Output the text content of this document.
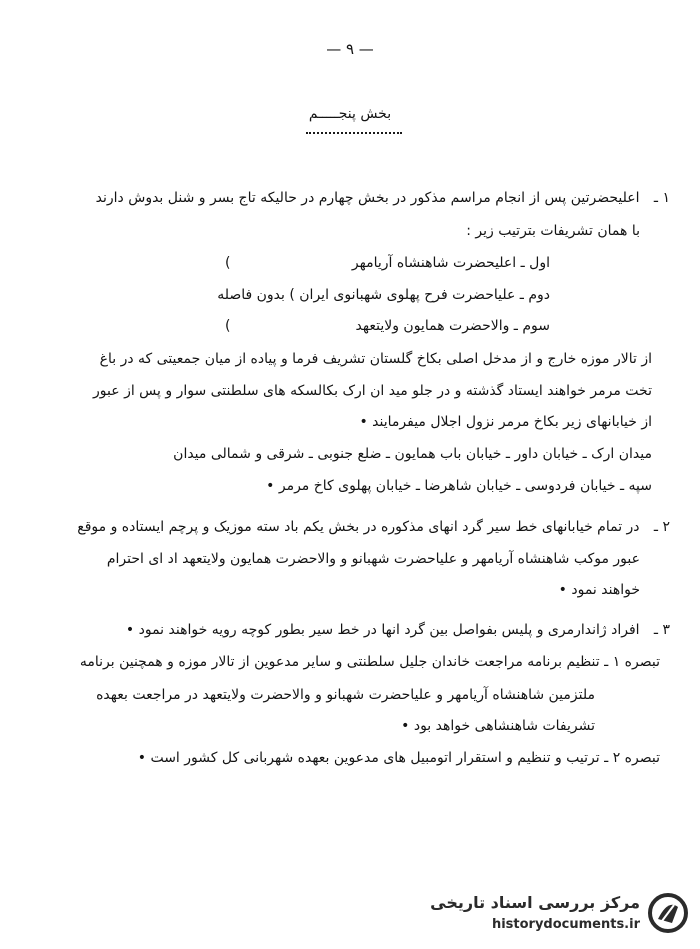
— ۹ —
بخش پنجـــــم
۱ ـ اعلیحضرتین پس از انجام مراسم مذکور در بخش چهارم در حالیکه تاج بسر و شنل بدوش دارند
با همان تشریفات بترتیب زیر :
اول ـ اعلیحضرت شاهنشاه آریامهر
)
دوم ـ علیاحضرت فرح پهلوی شهبانوی ایران ) بدون فاصله
سوم ـ والاحضرت همایون ولایتعهد
)
از تالار موزه خارج و از مدخل اصلی بکاخ گلستان تشریف فرما و پیاده از میان جمعیتی که در باغ
تخت مرمر خواهند ایستاد گذشته و در جلو مید ان ارک بکالسکه های سلطنتی سوار و پس از عبور
از خیابانهای زیر بکاخ مرمر نزول اجلال میفرمایند •
میدان ارک ـ خیابان داور ـ خیابان باب همایون ـ ضلع جنوبی ـ شرقی و شمالی میدان
سپه ـ خیابان فردوسی ـ خیابان شاهرضا ـ خیابان پهلوی کاخ مرمر •
۲ ـ در تمام خیابانهای خط سیر گرد انهای مذکوره در بخش یکم باد سته موزیک و پرچم ایستاده و موقع
عبور موکب شاهنشاه آریامهر و علیاحضرت شهبانو و والاحضرت همایون ولایتعهد اد ای احترام
خواهند نمود •
۳ ـ افراد ژاندارمری و پلیس بفواصل بین گرد انها در خط سیر بطور کوچه رویه خواهند نمود •
تبصره ۱ ـ تنظیم برنامه مراجعت خاندان جلیل سلطنتی و سایر مدعوین از تالار موزه و همچنین برنامه
ملتزمین شاهنشاه آریامهر و علیاحضرت شهبانو و والاحضرت ولایتعهد در مراجعت بعهده
تشریفات شاهنشاهی خواهد بود •
تبصره ۲ ـ ترتیب و تنظیم و استقرار اتومبیل های مدعوین بعهده شهربانی کل کشور است •
مرکز بررسی اسناد تاریخی
historydocuments.ir
